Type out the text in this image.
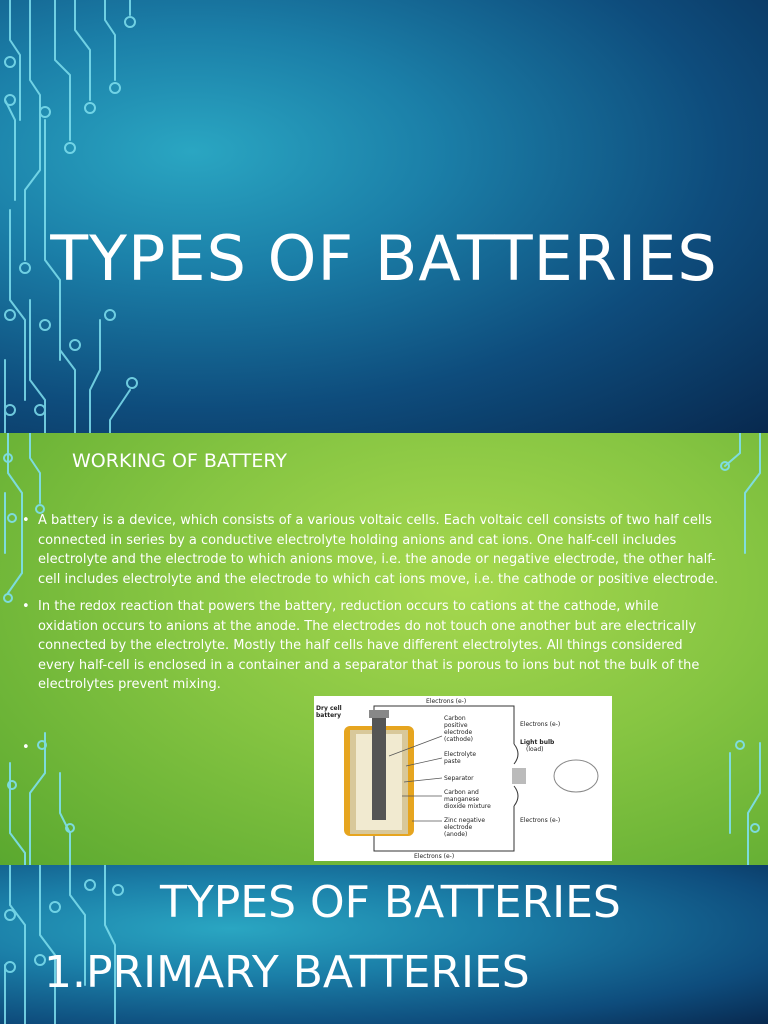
TYPES OF BATTERIES
WORKING OF BATTERY
• A battery is a device, which consists of a various voltaic cells. Each voltaic cell consists of two half cells connected in series by a conductive electrolyte holding anions and cat ions. One half-cell includes electrolyte and the electrode to which anions move, i.e. the anode or negative electrode, the other half-cell includes electrolyte and the electrode to which cat ions move, i.e. the cathode or positive electrode.
• In the redox reaction that powers the battery, reduction occurs to cations at the cathode, while oxidation occurs to anions at the anode. The electrodes do not touch one another but are electrically connected by the electrolyte. Mostly the half cells have different electrolytes. All things considered every half-cell is enclosed in a container and a separator that is porous to ions but not the bulk of the electrolytes prevent mixing.
•
Dry cell
battery
Electrons (e-)
Electrons (e-)
Carbon
positive
electrode
(cathode)
Electrolyte
paste
Separator
Carbon and
manganese
dioxide mixture
Zinc negative
electrode
(anode)
Electrons (e-)
Light bulb
(load)
Electrons (e-)
TYPES OF BATTERIES
1.PRIMARY BATTERIES
